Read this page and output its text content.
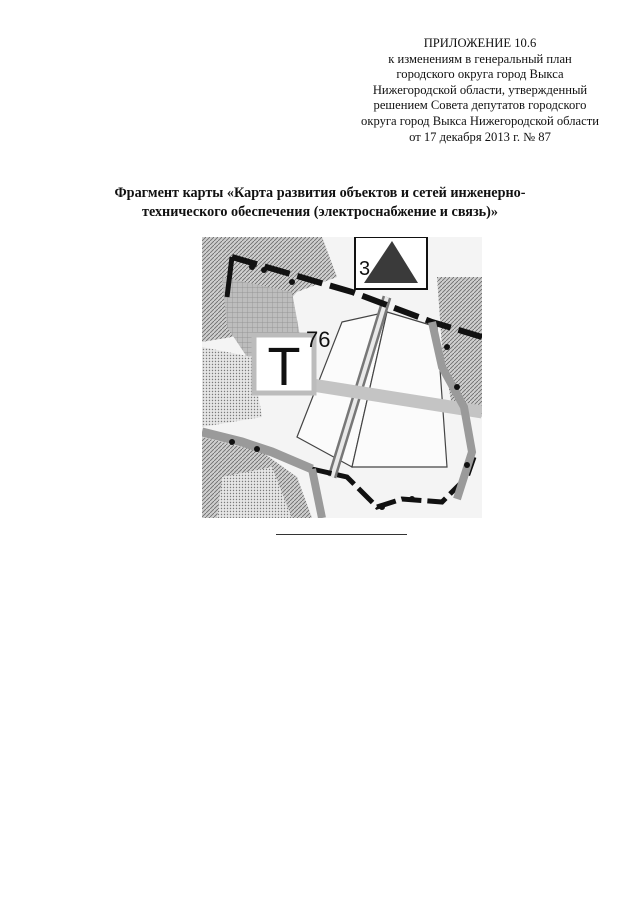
ПРИЛОЖЕНИЕ 10.6
к изменениям в генеральный план
городского округа город Выкса
Нижегородской области, утвержденный
решением Совета депутатов городского
округа город Выкса Нижегородской области
от 17 декабря 2013 г. № 87
Фрагмент карты «Карта развития объектов и сетей инженерно-
технического обеспечения (электроснабжение и связь)»
3
Т 76
